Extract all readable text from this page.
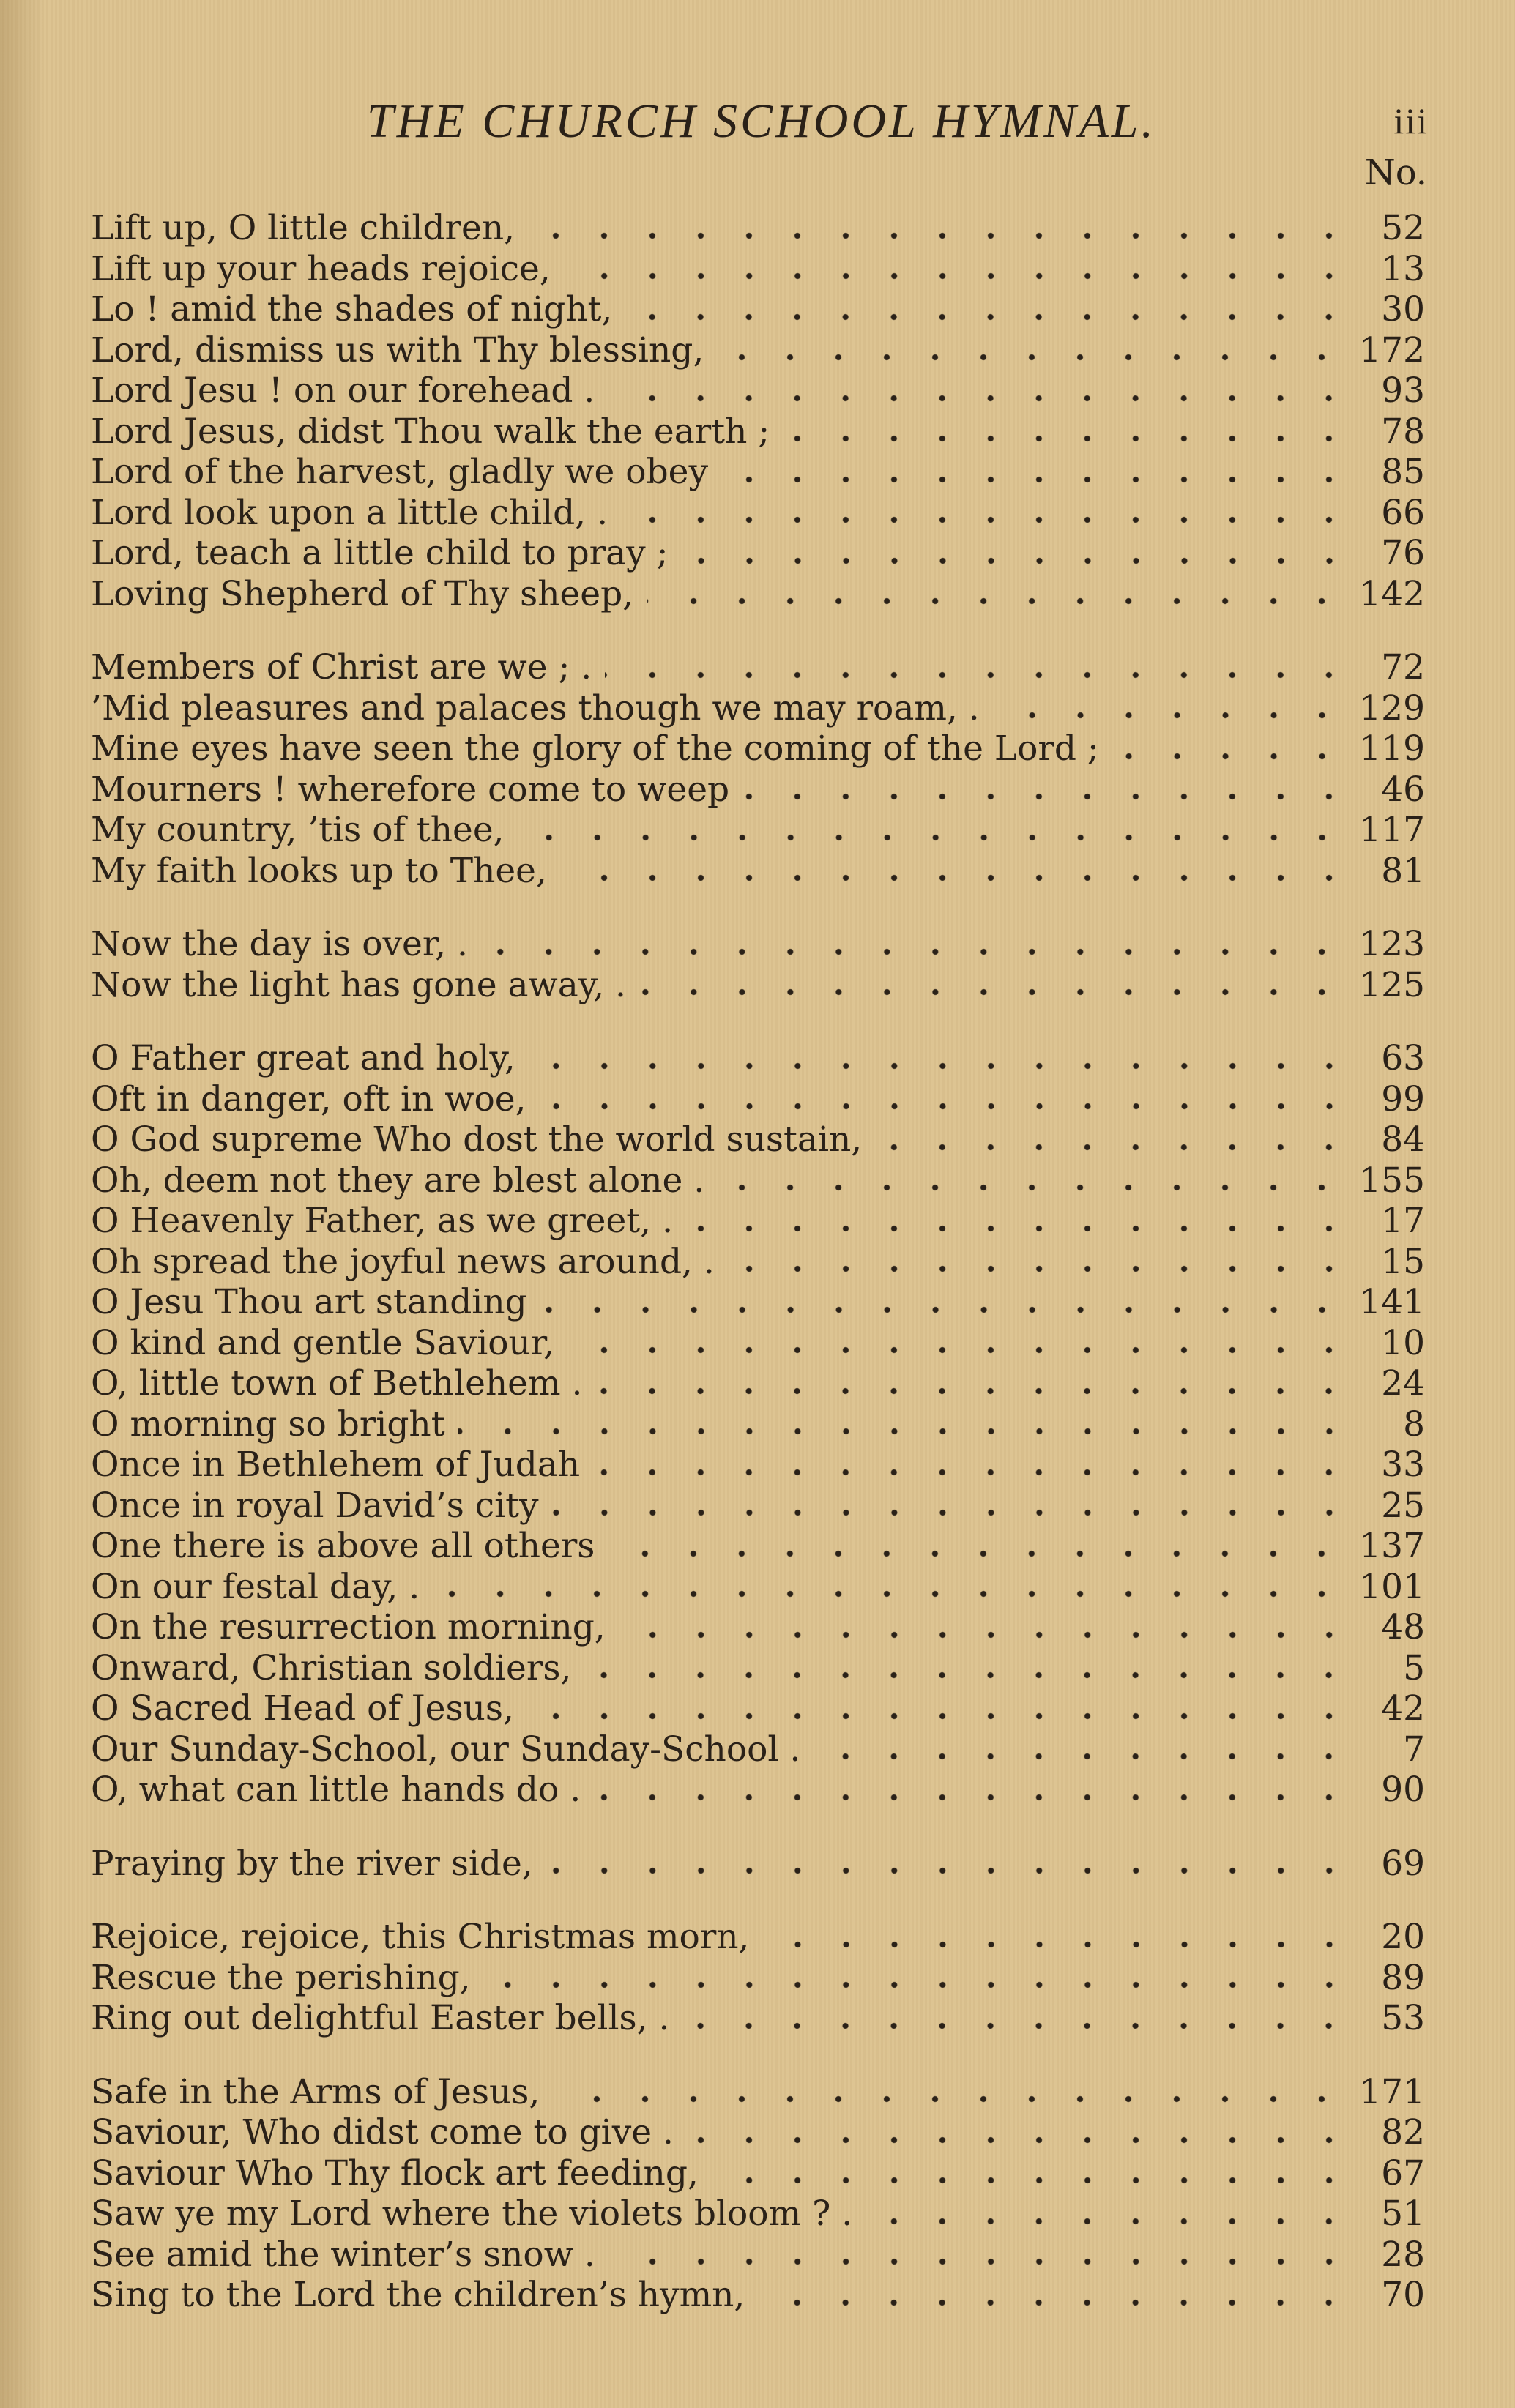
THE CHURCH SCHOOL HYMNAL.	iii
No.
Lift up, O little children,	52
Lift up your heads rejoice,	13
Lo ! amid the shades of night,	30
Lord, dismiss us with Thy blessing,	172
Lord Jesu ! on our forehead .	93
Lord Jesus, didst Thou walk the earth ;	78
Lord of the harvest, gladly we obey	85
Lord look upon a little child, .	66
Lord, teach a little child to pray ;	76
Loving Shepherd of Thy sheep,	142
Members of Christ are we ; .	72
’Mid pleasures and palaces though we may roam, .	129
Mine eyes have seen the glory of the coming of the Lord ;	119
Mourners ! wherefore come to weep	46
My country, ’tis of thee,	117
My faith looks up to Thee,	81
Now the day is over, .	123
Now the light has gone away, .	125
O Father great and holy,	63
Oft in danger, oft in woe,	99
O God supreme Who dost the world sustain,	84
Oh, deem not they are blest alone .	155
O Heavenly Father, as we greet, .	17
Oh spread the joyful news around, .	15
O Jesu Thou art standing	141
O kind and gentle Saviour,	10
O, little town of Bethlehem .	24
O morning so bright	8
Once in Bethlehem of Judah	33
Once in royal David’s city	25
One there is above all others	137
On our festal day, .	101
On the resurrection morning,	48
Onward, Christian soldiers,	5
O Sacred Head of Jesus,	42
Our Sunday-School, our Sunday-School .	7
O, what can little hands do .	90
Praying by the river side,	69
Rejoice, rejoice, this Christmas morn,	20
Rescue the perishing,	89
Ring out delightful Easter bells, .	53
Safe in the Arms of Jesus,	171
Saviour, Who didst come to give .	82
Saviour Who Thy flock art feeding,	67
Saw ye my Lord where the violets bloom ? .	51
See amid the winter’s snow .	28
Sing to the Lord the children’s hymn,	70
